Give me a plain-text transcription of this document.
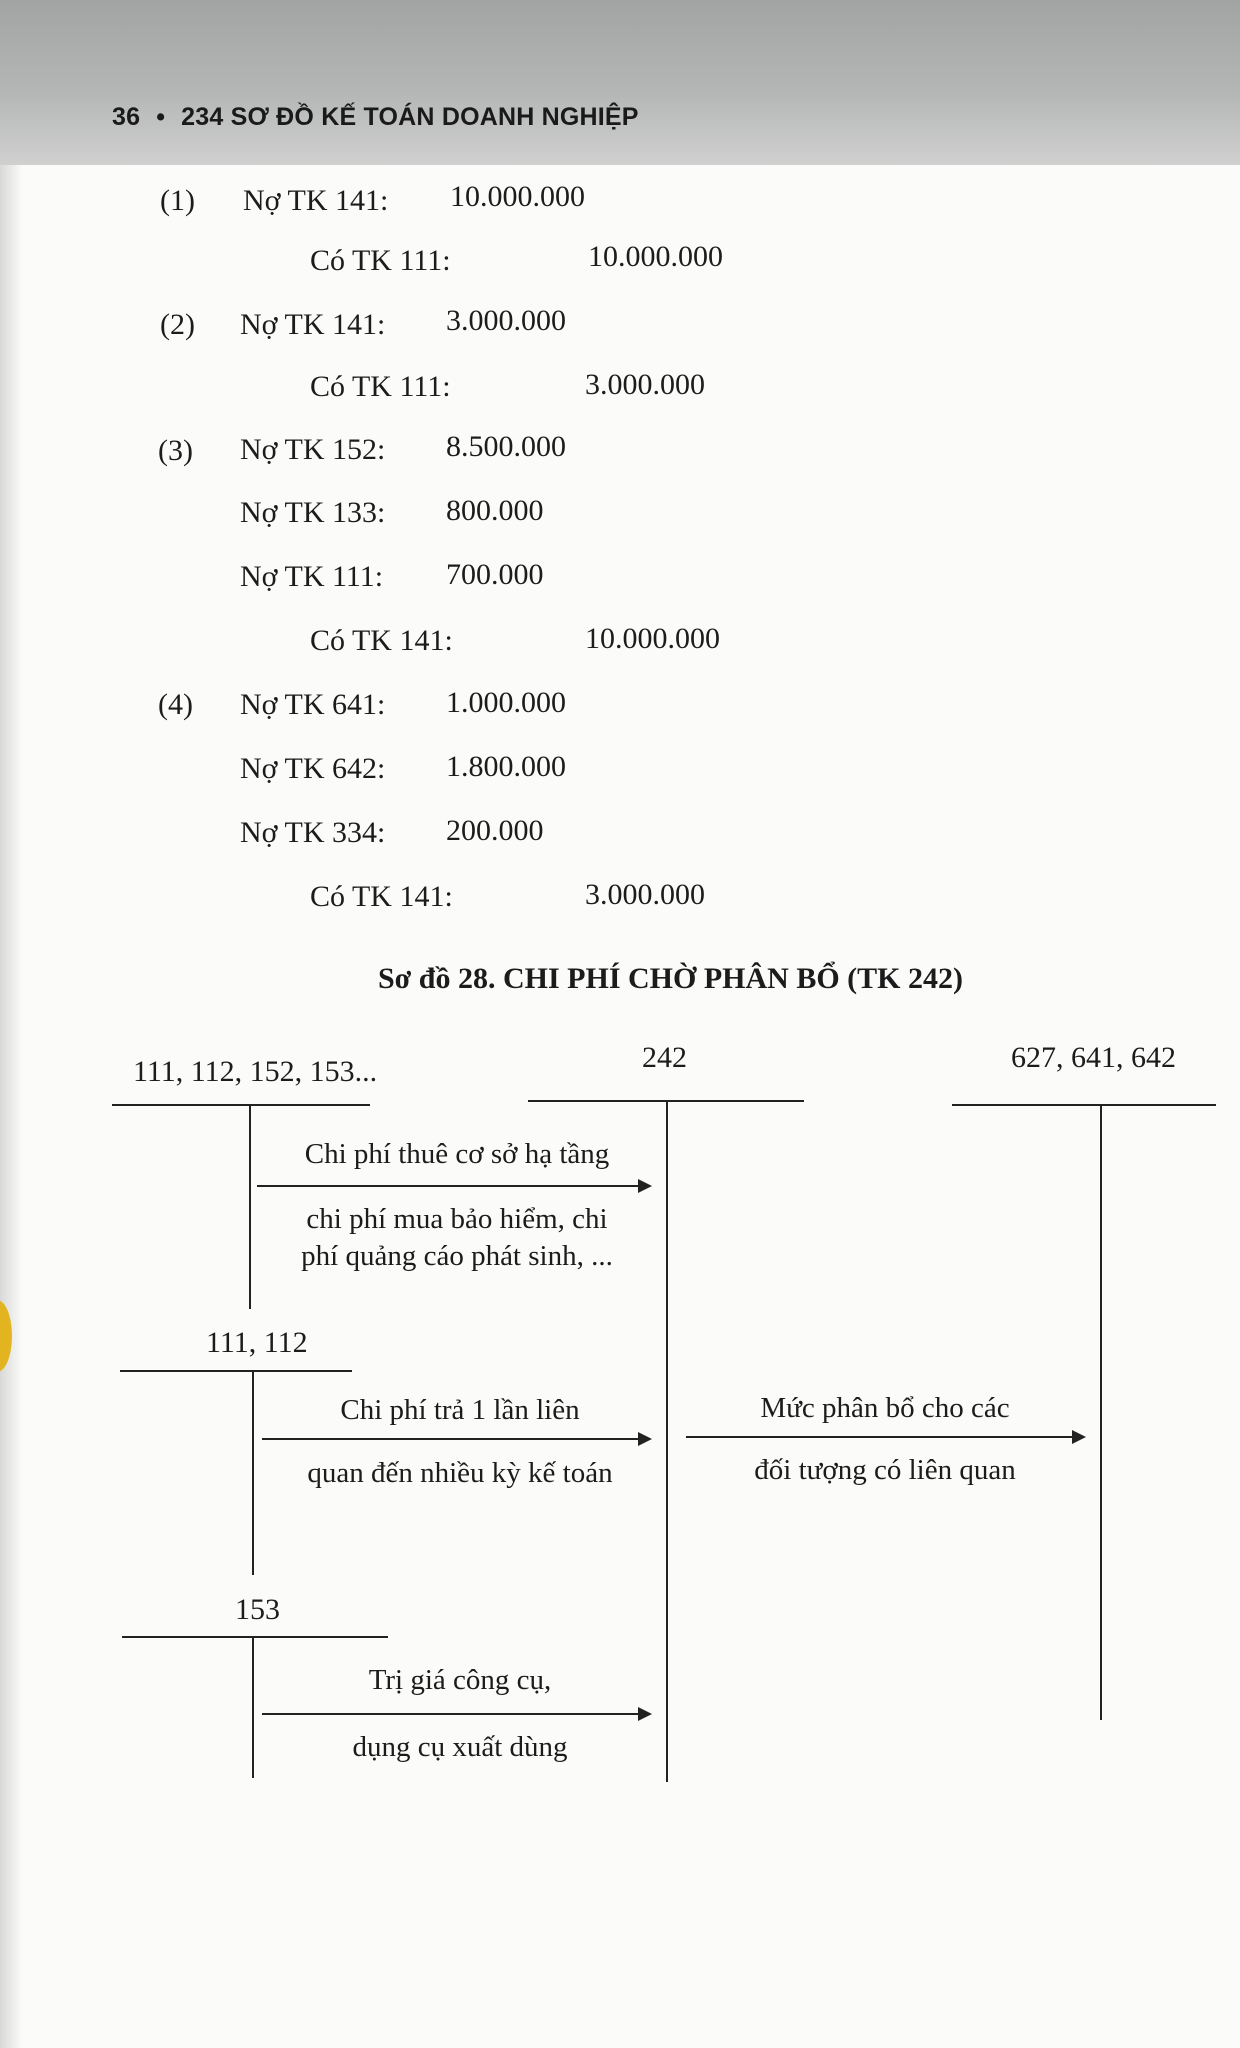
36 • 234 SƠ ĐỒ KẾ TOÁN DOANH NGHIỆP
(1) Nợ TK 141: 10.000.000
Có TK 111:	10.000.000
(2) Nợ TK 141: 3.000.000
Có TK 111:	3.000.000
(3) Nợ TK 152: 8.500.000
Nợ TK 133: 800.000
Nợ TK 111: 700.000
Có TK 141:	10.000.000
(4) Nợ TK 641: 1.000.000
Nợ TK 642: 1.800.000
Nợ TK 334: 200.000
Có TK 141:	3.000.000
Sơ đồ 28. CHI PHÍ CHỜ PHÂN BỔ (TK 242)
111, 112, 152, 153...	242	627, 641, 642
Chi phí thuê cơ sở hạ tầng
chi phí mua bảo hiểm, chi
phí quảng cáo phát sinh, ...
111, 112
Chi phí trả 1 lần liên
quan đến nhiều kỳ kế toán
Mức phân bổ cho các
đối tượng có liên quan
153
Trị giá công cụ,
dụng cụ xuất dùng
